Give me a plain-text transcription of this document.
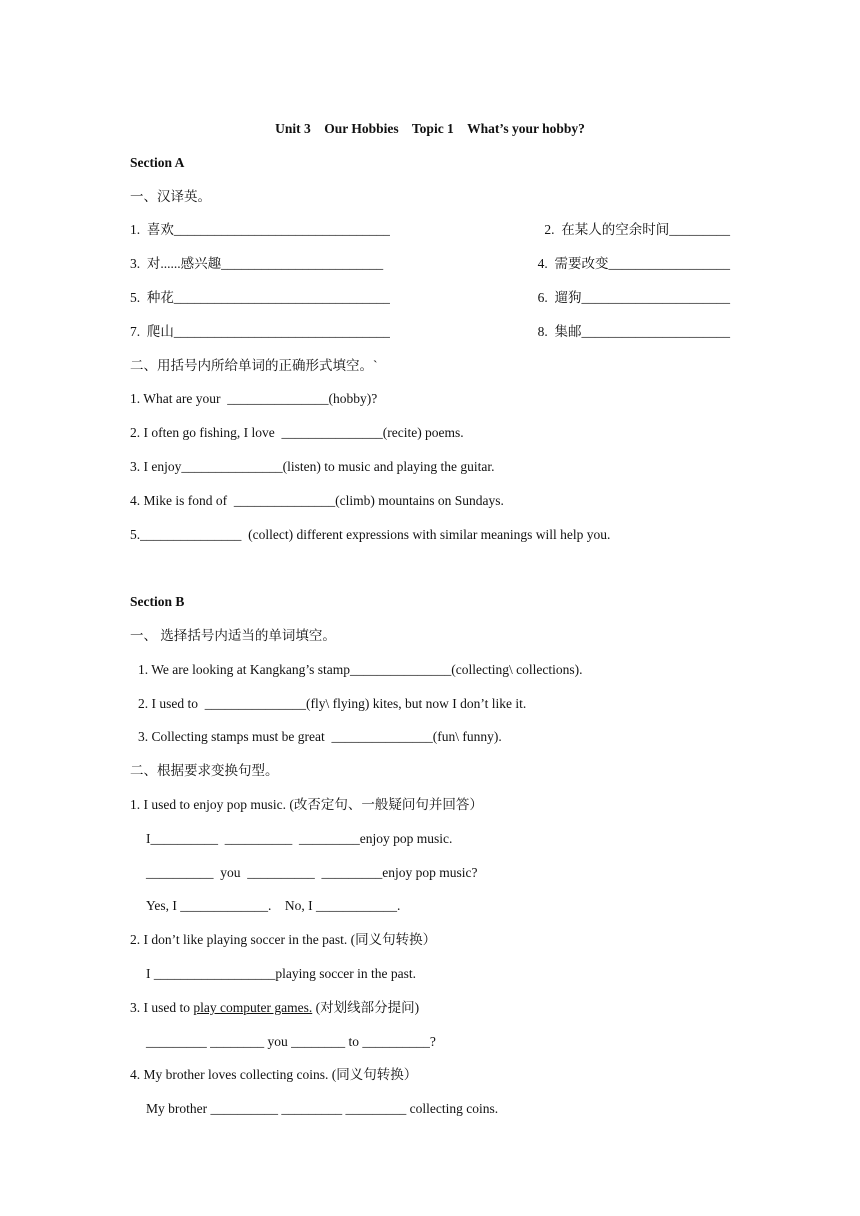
Unit 3    Our Hobbies    Topic 1    What’s your hobby?
Section A
一、汉译英。
1.  喜欢________________________________	2.  在某人的空余时间_________
3.  对......感兴趣________________________	4.  需要改变__________________
5.  种花________________________________	6.  遛狗______________________
7.  爬山________________________________	8.  集邮______________________
二、用括号内所给单词的正确形式填空。`
1. What are your  _______________(hobby)?
2. I often go fishing, I love  _______________(recite) poems.
3. I enjoy_______________(listen) to music and playing the guitar.
4. Mike is fond of  _______________(climb) mountains on Sundays.
5._______________  (collect) different expressions with similar meanings will help you.
Section B
一、 选择括号内适当的单词填空。
1. We are looking at Kangkang’s stamp_______________(collecting\ collections).
2. I used to  _______________(fly\ flying) kites, but now I don’t like it.
3. Collecting stamps must be great  _______________(fun\ funny).
二、根据要求变换句型。
1. I used to enjoy pop music. (改否定句、一般疑问句并回答）
I__________  __________  _________enjoy pop music.
__________  you  __________  _________enjoy pop music?
Yes, I _____________.    No, I ____________.
2. I don’t like playing soccer in the past. (同义句转换）
I __________________playing soccer in the past.
3. I used to play computer games. (对划线部分提问)
_________ ________ you ________ to __________?
4. My brother loves collecting coins. (同义句转换）
My brother __________ _________ _________ collecting coins.
